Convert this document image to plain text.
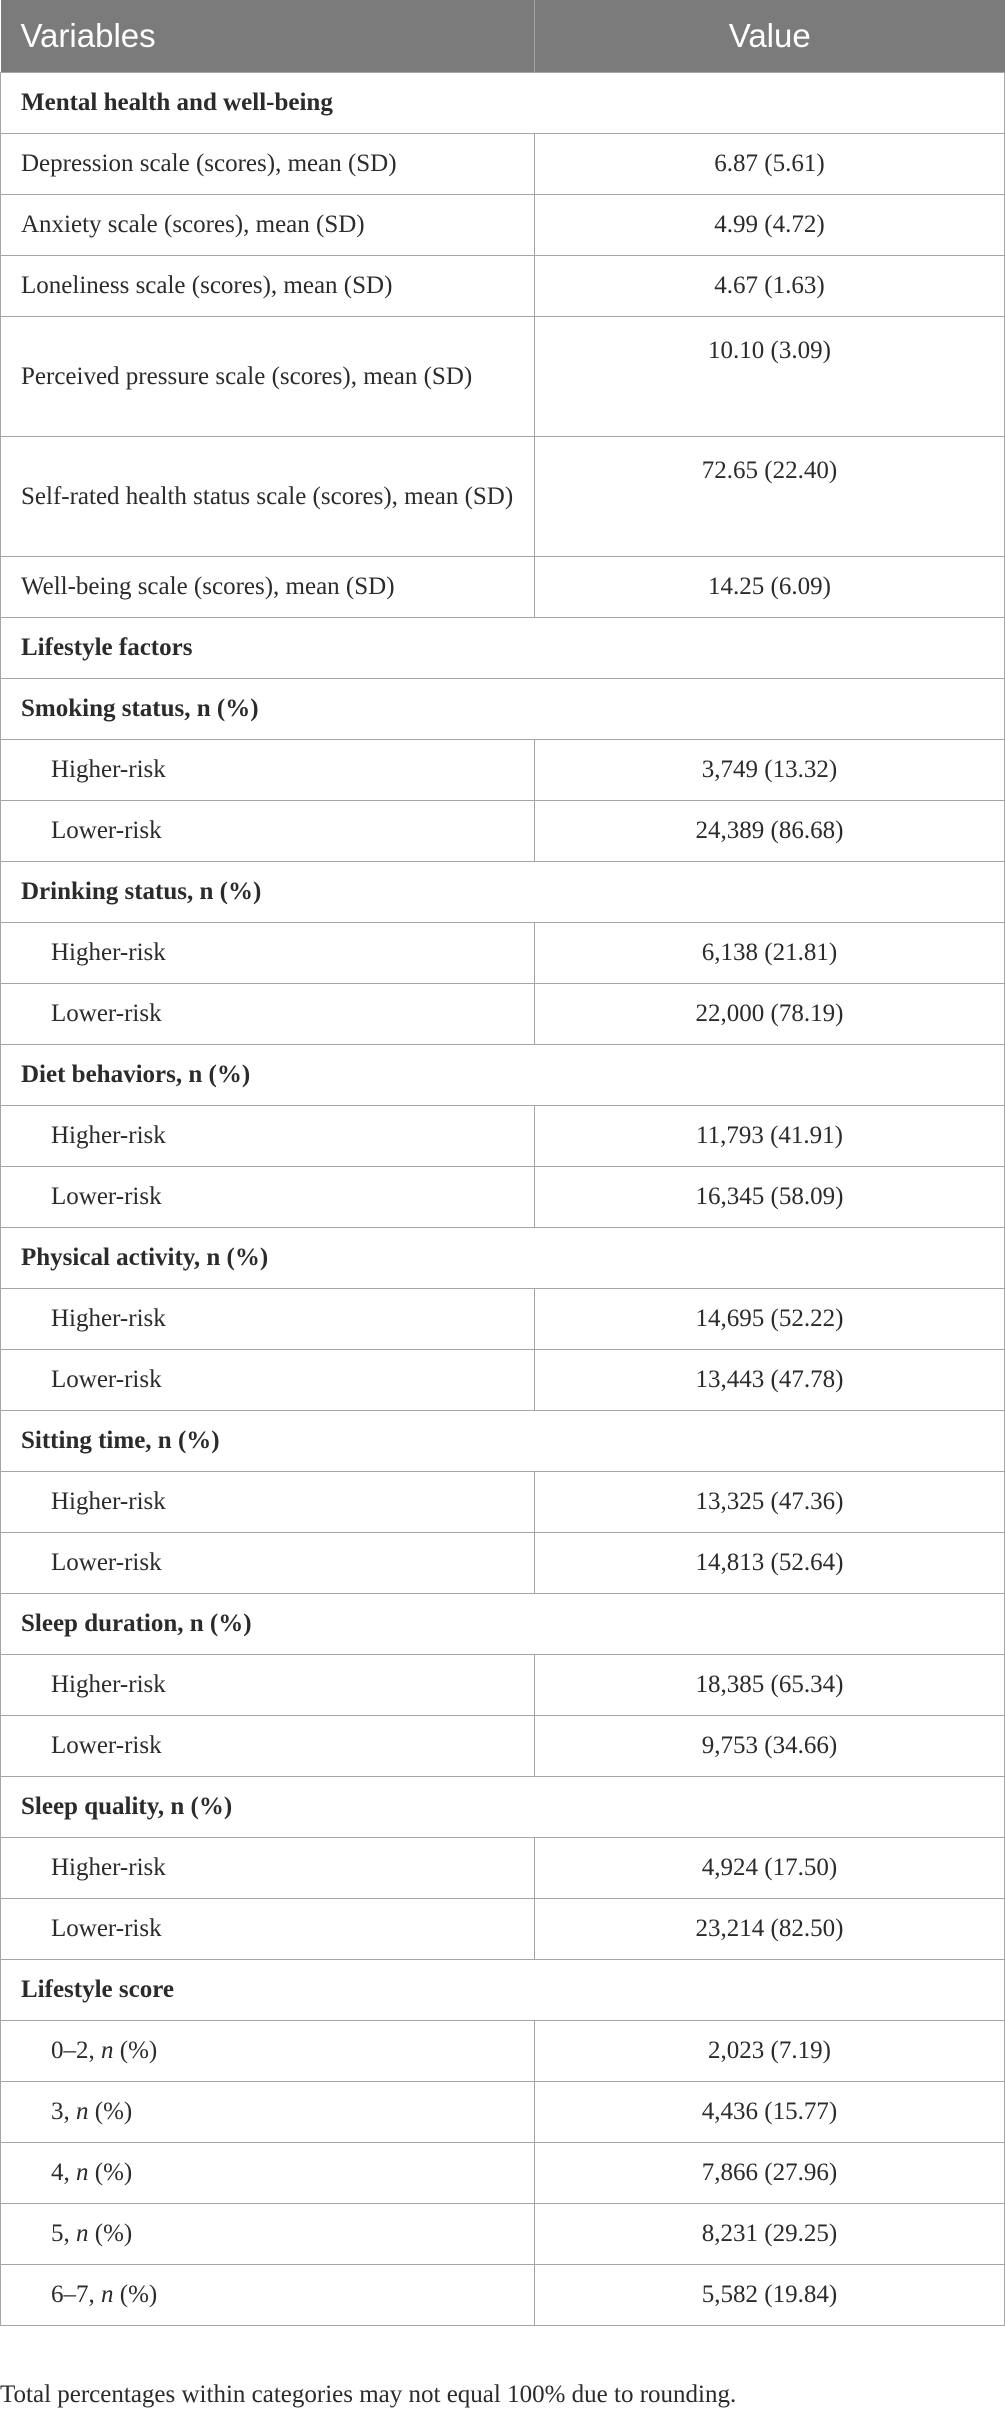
Variables	Value
Mental health and well-being	
Depression scale (scores), mean (SD)	6.87 (5.61)
Anxiety scale (scores), mean (SD)	4.99 (4.72)
Loneliness scale (scores), mean (SD)	4.67 (1.63)
Perceived pressure scale (scores), mean (SD)	10.10 (3.09)
Self-rated health status scale (scores), mean (SD)	72.65 (22.40)
Well-being scale (scores), mean (SD)	14.25 (6.09)
Lifestyle factors	
Smoking status, n (%)	
Higher-risk	3,749 (13.32)
Lower-risk	24,389 (86.68)
Drinking status, n (%)	
Higher-risk	6,138 (21.81)
Lower-risk	22,000 (78.19)
Diet behaviors, n (%)	
Higher-risk	11,793 (41.91)
Lower-risk	16,345 (58.09)
Physical activity, n (%)	
Higher-risk	14,695 (52.22)
Lower-risk	13,443 (47.78)
Sitting time, n (%)	
Higher-risk	13,325 (47.36)
Lower-risk	14,813 (52.64)
Sleep duration, n (%)	
Higher-risk	18,385 (65.34)
Lower-risk	9,753 (34.66)
Sleep quality, n (%)	
Higher-risk	4,924 (17.50)
Lower-risk	23,214 (82.50)
Lifestyle score	
0–2, n (%)	2,023 (7.19)
3, n (%)	4,436 (15.77)
4, n (%)	7,866 (27.96)
5, n (%)	8,231 (29.25)
6–7, n (%)	5,582 (19.84)
Total percentages within categories may not equal 100% due to rounding.
